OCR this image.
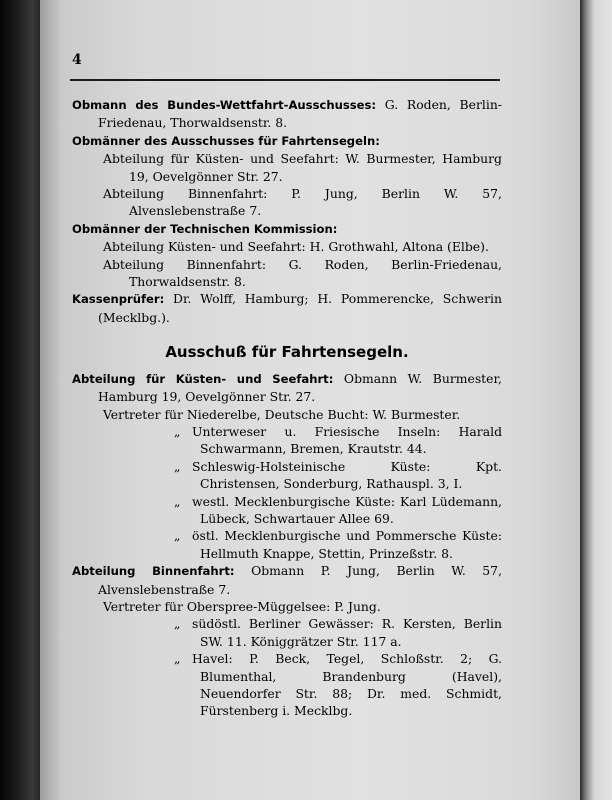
4
Obmann des Bundes-Wettfahrt-Ausschusses: G. Roden, Berlin-Friedenau, Thorwaldsenstr. 8.
Obmänner des Ausschusses für Fahrtensegeln:
Abteilung für Küsten- und Seefahrt: W. Burmester, Hamburg 19, Oevelgönner Str. 27.
Abteilung Binnenfahrt: P. Jung, Berlin W. 57, Alvenslebenstraße 7.
Obmänner der Technischen Kommission:
Abteilung Küsten- und Seefahrt: H. Grothwahl, Altona (Elbe).
Abteilung Binnenfahrt: G. Roden, Berlin-Friedenau, Thorwaldsenstr. 8.
Kassenprüfer: Dr. Wolff, Hamburg; H. Pommerencke, Schwerin (Mecklbg.).
Ausschuß für Fahrtensegeln.
Abteilung für Küsten- und Seefahrt: Obmann W. Burmester, Hamburg 19, Oevelgönner Str. 27.
Vertreter für Niederelbe, Deutsche Bucht: W. Burmester.
„ Unterweser u. Friesische Inseln: Harald Schwarmann, Bremen, Krautstr. 44.
„ Schleswig-Holsteinische Küste: Kpt. Christensen, Sonderburg, Rathauspl. 3, I.
„ westl. Mecklenburgische Küste: Karl Lüdemann, Lübeck, Schwartauer Allee 69.
„ östl. Mecklenburgische und Pommersche Küste: Hellmuth Knappe, Stettin, Prinzeßstr. 8.
Abteilung Binnenfahrt: Obmann P. Jung, Berlin W. 57, Alvenslebenstraße 7.
Vertreter für Oberspree-Müggelsee: P. Jung.
„ südöstl. Berliner Gewässer: R. Kersten, Berlin SW. 11. Königgrätzer Str. 117 a.
„ Havel: P. Beck, Tegel, Schloßstr. 2; G. Blumenthal, Brandenburg (Havel), Neuendorfer Str. 88; Dr. med. Schmidt, Fürstenberg i. Mecklbg.
